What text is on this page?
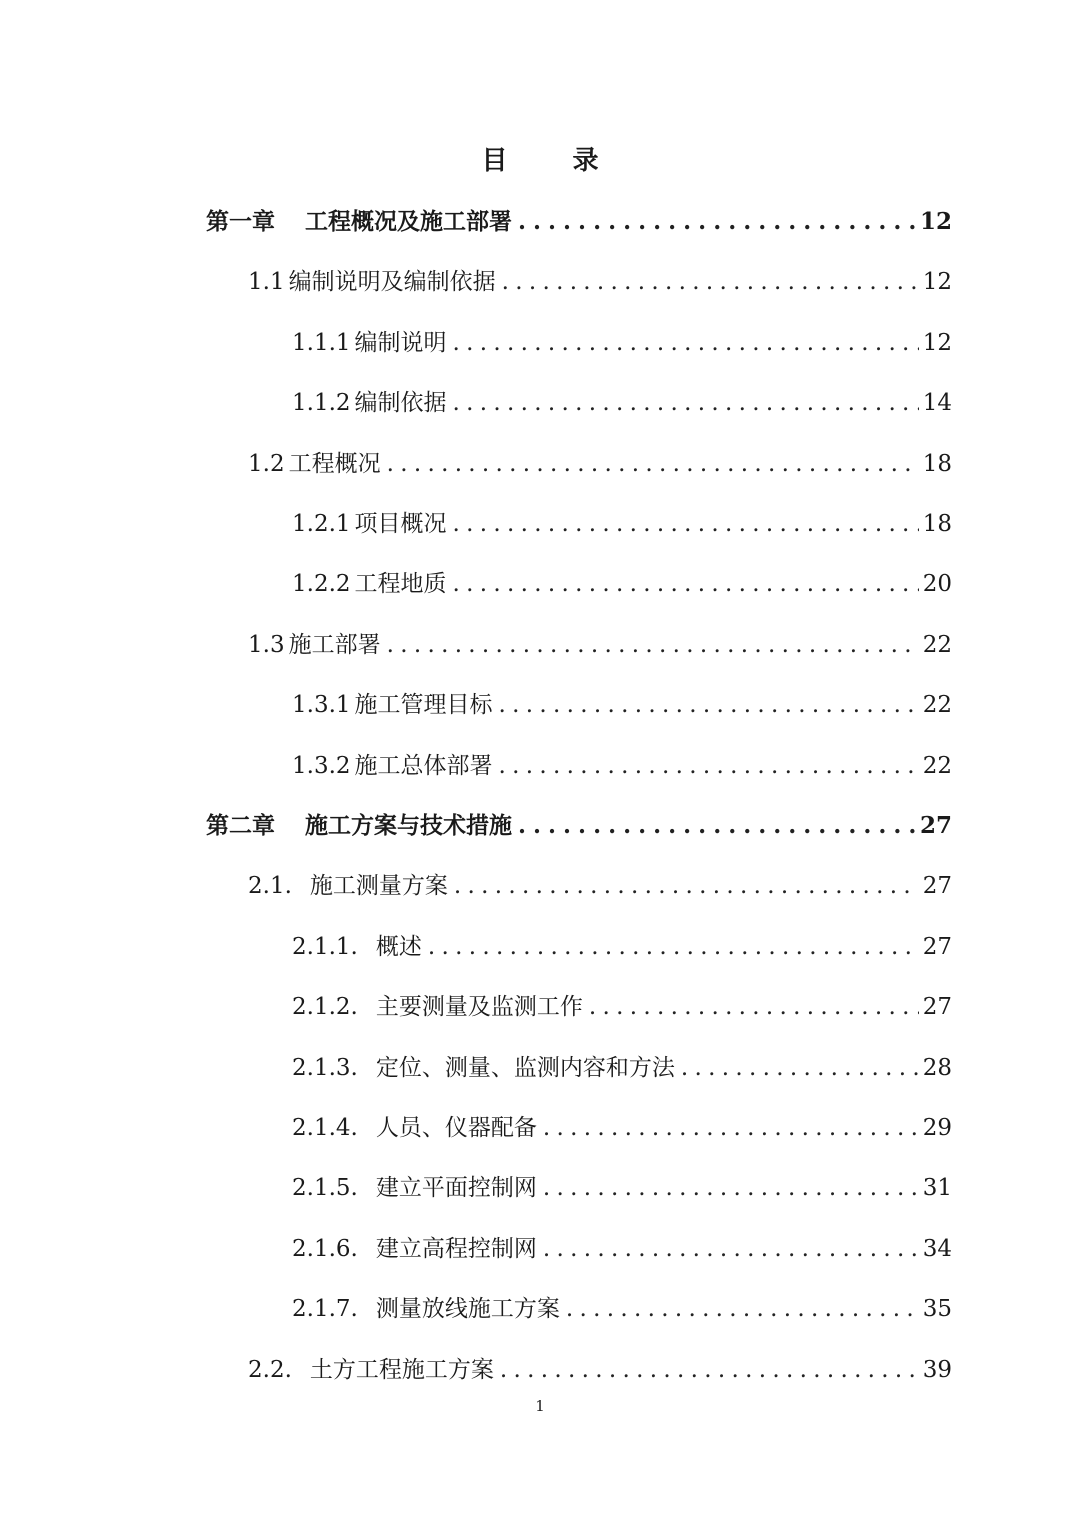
目 录
第一章 工程概况及施工部署 . . .	12
1.1 编制说明及编制依据 . . .	12
1.1.1 编制说明 . . .	12
1.1.2 编制依据 . . .	14
1.2 工程概况 . . .	18
1.2.1 项目概况 . . .	18
1.2.2 工程地质 . . .	20
1.3 施工部署 . . .	22
1.3.1 施工管理目标 . . .	22
1.3.2 施工总体部署 . . .	22
第二章 施工方案与技术措施 . . .	27
2.1. 施工测量方案 . . .	27
2.1.1. 概述 . . .	27
2.1.2. 主要测量及监测工作 . . .	27
2.1.3. 定位、测量、监测内容和方法 . . .	28
2.1.4. 人员、仪器配备 . . .	29
2.1.5. 建立平面控制网 . . .	31
2.1.6. 建立高程控制网 . . .	34
2.1.7. 测量放线施工方案 . . .	35
2.2. 土方工程施工方案 . . .	39
1
